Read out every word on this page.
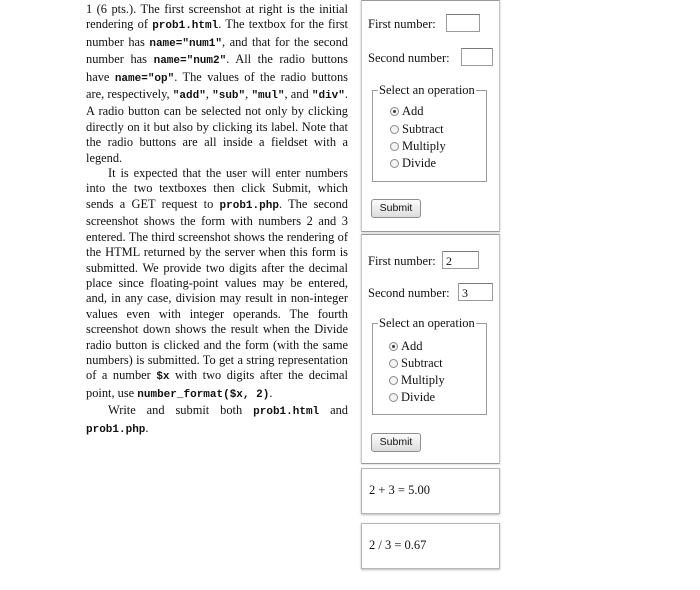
1 (6 pts.). The first screenshot at right is the initial rendering of prob1.html. The textbox for the first number has name="num1", and that for the second number has name="num2". All the radio buttons have name="op". The values of the radio buttons are, respectively, "add", "sub", "mul", and "div". A radio button can be selected not only by clicking directly on it but also by clicking its label. Note that the radio buttons are all inside a fieldset with a legend.

It is expected that the user will enter numbers into the two textboxes then click Submit, which sends a GET request to prob1.php. The second screenshot shows the form with numbers 2 and 3 entered. The third screenshot shows the rendering of the HTML returned by the server when this form is submitted. We provide two digits after the decimal place since floating-point values may be entered, and, in any case, division may result in non-integer values even with integer operands. The fourth screenshot down shows the result when the Divide radio button is clicked and the form (with the same numbers) is submitted. To get a string representation of a number $x with two digits after the decimal point, use number_format($x, 2).

Write and submit both prob1.html and prob1.php.

First number:
Second number:
Select an operation
Add
Subtract
Multiply
Divide
Submit
First number: 2
Second number:	3
Select an operation
Add
Subtract
Multiply
Divide
Submit
2 + 3 = 5.00
2 / 3 = 0.67
